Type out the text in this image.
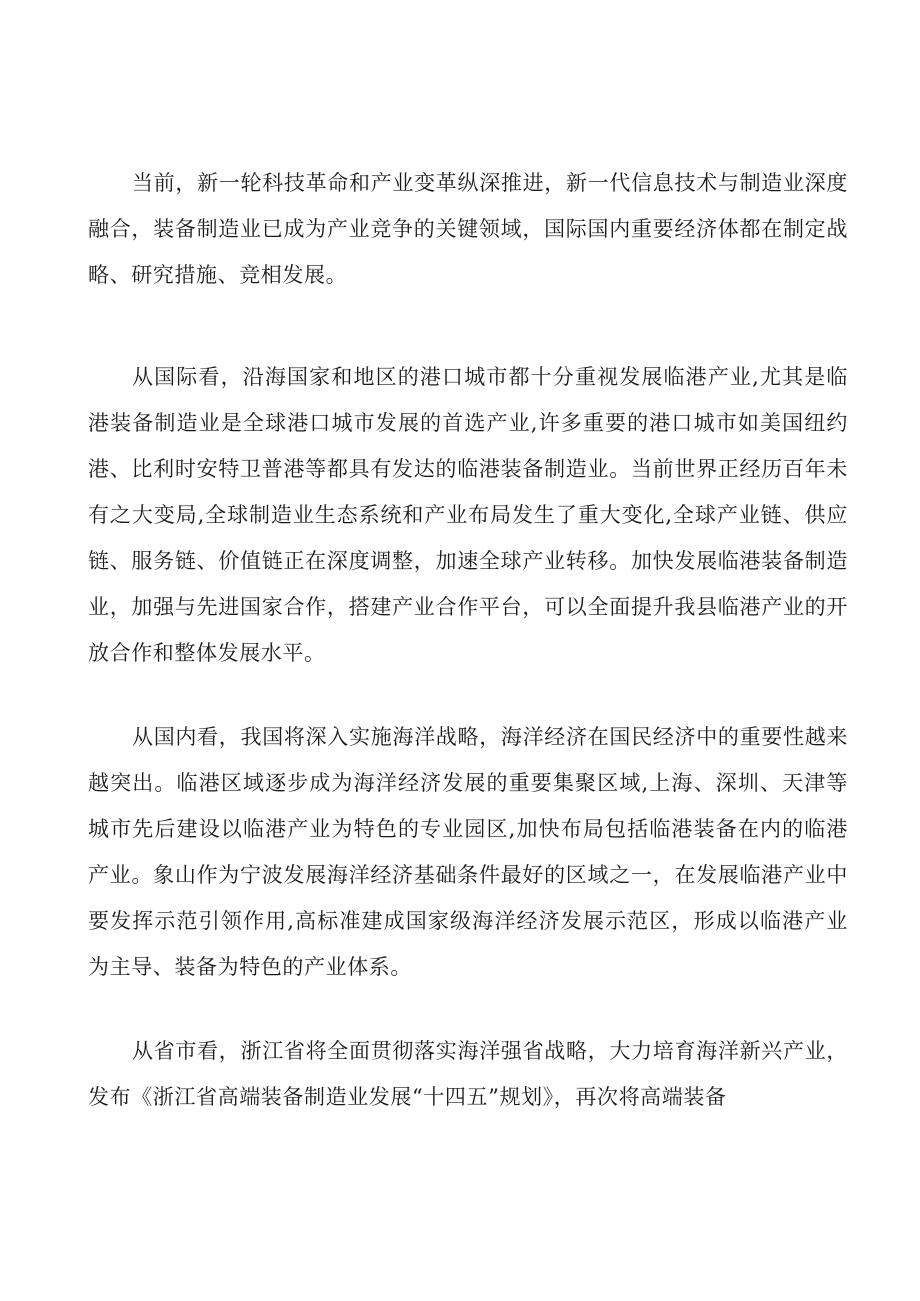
当前，新一轮科技革命和产业变革纵深推进，新一代信息技术与制造业深度融合，装备制造业已成为产业竞争的关键领域，国际国内重要经济体都在制定战略、研究措施、竞相发展。

从国际看，沿海国家和地区的港口城市都十分重视发展临港产业,尤其是临港装备制造业是全球港口城市发展的首选产业,许多重要的港口城市如美国纽约港、比利时安特卫普港等都具有发达的临港装备制造业。当前世界正经历百年未有之大变局,全球制造业生态系统和产业布局发生了重大变化,全球产业链、供应链、服务链、价值链正在深度调整，加速全球产业转移。加快发展临港装备制造业，加强与先进国家合作，搭建产业合作平台，可以全面提升我县临港产业的开放合作和整体发展水平。

从国内看，我国将深入实施海洋战略，海洋经济在国民经济中的重要性越来越突出。临港区域逐步成为海洋经济发展的重要集聚区域,上海、深圳、天津等城市先后建设以临港产业为特色的专业园区,加快布局包括临港装备在内的临港产业。象山作为宁波发展海洋经济基础条件最好的区域之一，在发展临港产业中要发挥示范引领作用,高标准建成国家级海洋经济发展示范区，形成以临港产业为主导、装备为特色的产业体系。

从省市看，浙江省将全面贯彻落实海洋强省战略，大力培育海洋新兴产业，发布《浙江省高端装备制造业发展“十四五”规划》，再次将高端装备
